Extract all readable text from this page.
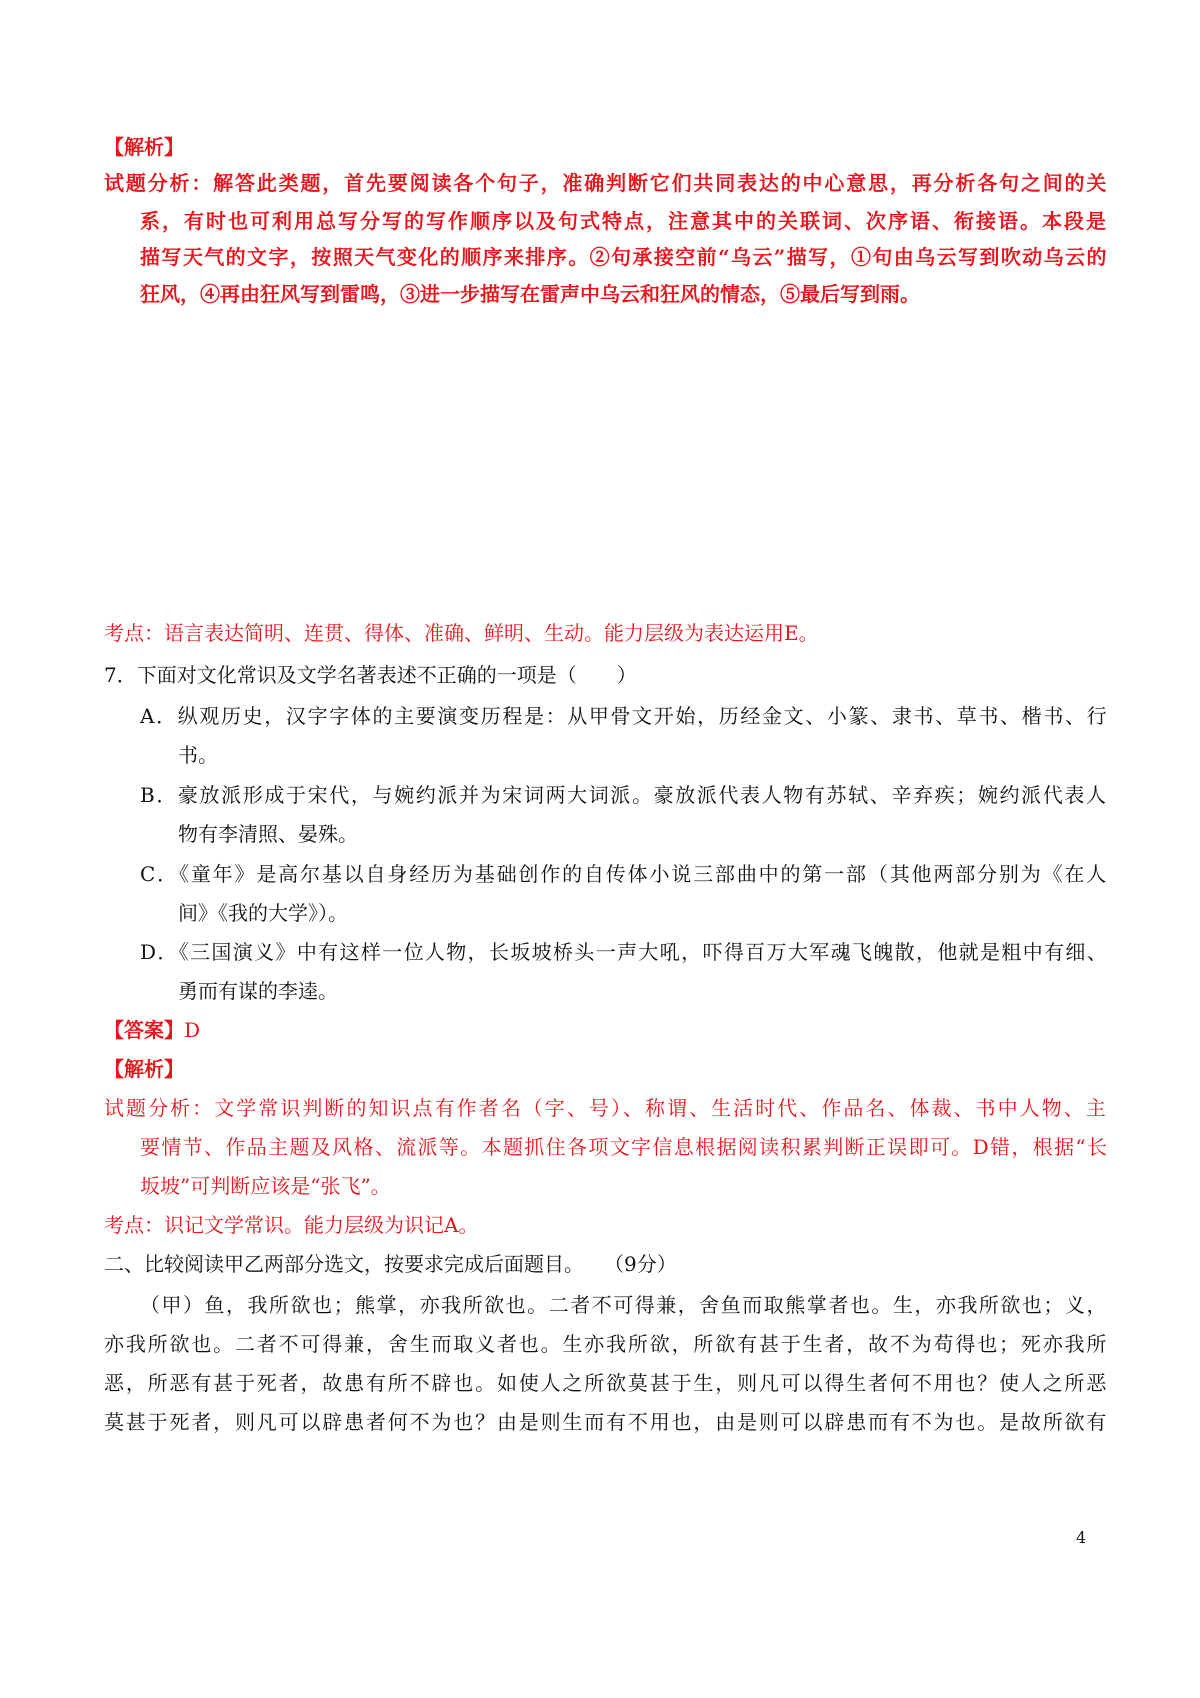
【解析】
试题分析：解答此类题，首先要阅读各个句子，准确判断它们共同表达的中心意思，再分析各句之间的关
系，有时也可利用总写分写的写作顺序以及句式特点，注意其中的关联词、次序语、衔接语。本段是
描写天气的文字，按照天气变化的顺序来排序。②句承接空前“乌云”描写，①句由乌云写到吹动乌云的
狂风，④再由狂风写到雷鸣，③进一步描写在雷声中乌云和狂风的情态，⑤最后写到雨。
考点：语言表达简明、连贯、得体、准确、鲜明、生动。能力层级为表达运用E。
7．下面对文化常识及文学名著表述不正确的一项是（　　）
A．纵观历史，汉字字体的主要演变历程是：从甲骨文开始，历经金文、小篆、隶书、草书、楷书、行
书。
B．豪放派形成于宋代，与婉约派并为宋词两大词派。豪放派代表人物有苏轼、辛弃疾；婉约派代表人
物有李清照、晏殊。
C．《童年》是高尔基以自身经历为基础创作的自传体小说三部曲中的第一部（其他两部分别为《在人
间》《我的大学》）。
D．《三国演义》中有这样一位人物，长坂坡桥头一声大吼，吓得百万大军魂飞魄散，他就是粗中有细、
勇而有谋的李逵。
【答案】D
【解析】
试题分析：文学常识判断的知识点有作者名（字、号）、称谓、生活时代、作品名、体裁、书中人物、主
要情节、作品主题及风格、流派等。本题抓住各项文字信息根据阅读积累判断正误即可。D错，根据“长
坂坡”可判断应该是“张飞”。
考点：识记文学常识。能力层级为识记A。
二、比较阅读甲乙两部分选文，按要求完成后面题目。　　（9分）
（甲）鱼，我所欲也；熊掌，亦我所欲也。二者不可得兼，舍鱼而取熊掌者也。生，亦我所欲也；义，
亦我所欲也。二者不可得兼，舍生而取义者也。生亦我所欲，所欲有甚于生者，故不为苟得也；死亦我所
恶，所恶有甚于死者，故患有所不辟也。如使人之所欲莫甚于生，则凡可以得生者何不用也？使人之所恶
莫甚于死者，则凡可以辟患者何不为也？由是则生而有不用也，由是则可以辟患而有不为也。是故所欲有
4
